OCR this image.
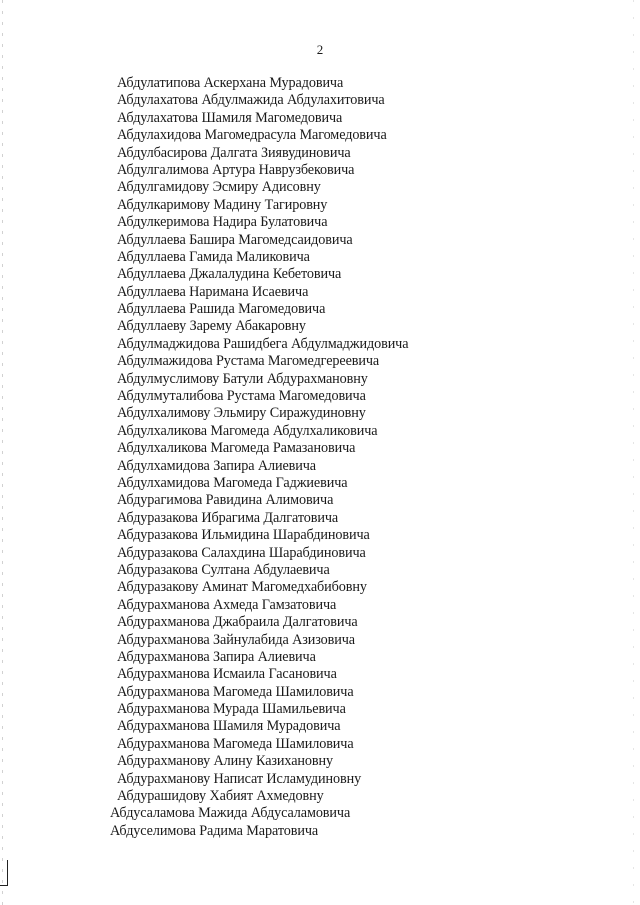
2
Абдулатипова Аскерхана Мурадовича
Абдулахатова Абдулмажида Абдулахитовича
Абдулахатова Шамиля Магомедовича
Абдулахидова Магомедрасула Магомедовича
Абдулбасирова Далгата Зиявудиновича
Абдулгалимова Артура Наврузбековича
Абдулгамидову Эсмиру Адисовну
Абдулкаримову Мадину Тагировну
Абдулкеримова Надира Булатовича
Абдуллаева Башира Магомедсаидовича
Абдуллаева Гамида Маликовича
Абдуллаева Джалалудина Кебетовича
Абдуллаева Наримана Исаевича
Абдуллаева Рашида Магомедовича
Абдуллаеву Зарему Абакаровну
Абдулмаджидова Рашидбега Абдулмаджидовича
Абдулмажидова Рустама Магомедгереевича
Абдулмуслимову Батули Абдурахмановну
Абдулмуталибова Рустама Магомедовича
Абдулхалимову Эльмиру Сиражудиновну
Абдулхаликова Магомеда Абдулхаликовича
Абдулхаликова Магомеда Рамазановича
Абдулхамидова Запира Алиевича
Абдулхамидова Магомеда Гаджиевича
Абдурагимова Равидина Алимовича
Абдуразакова Ибрагима Далгатовича
Абдуразакова Ильмидина Шарабдиновича
Абдуразакова Салахдина Шарабдиновича
Абдуразакова Султана Абдулаевича
Абдуразакову Аминат Магомедхабибовну
Абдурахманова Ахмеда Гамзатовича
Абдурахманова Джабраила Далгатовича
Абдурахманова Зайнулабида Азизовича
Абдурахманова Запира Алиевича
Абдурахманова Исмаила Гасановича
Абдурахманова Магомеда Шамиловича
Абдурахманова Мурада Шамильевича
Абдурахманова Шамиля Мурадовича
Абдурахманова Магомеда Шамиловича
Абдурахманову Алину Казихановну
Абдурахманову Написат Исламудиновну
Абдурашидову Хабият Ахмедовну
Абдусаламова Мажида Абдусаламовича
Абдуселимова Радима Маратовича
